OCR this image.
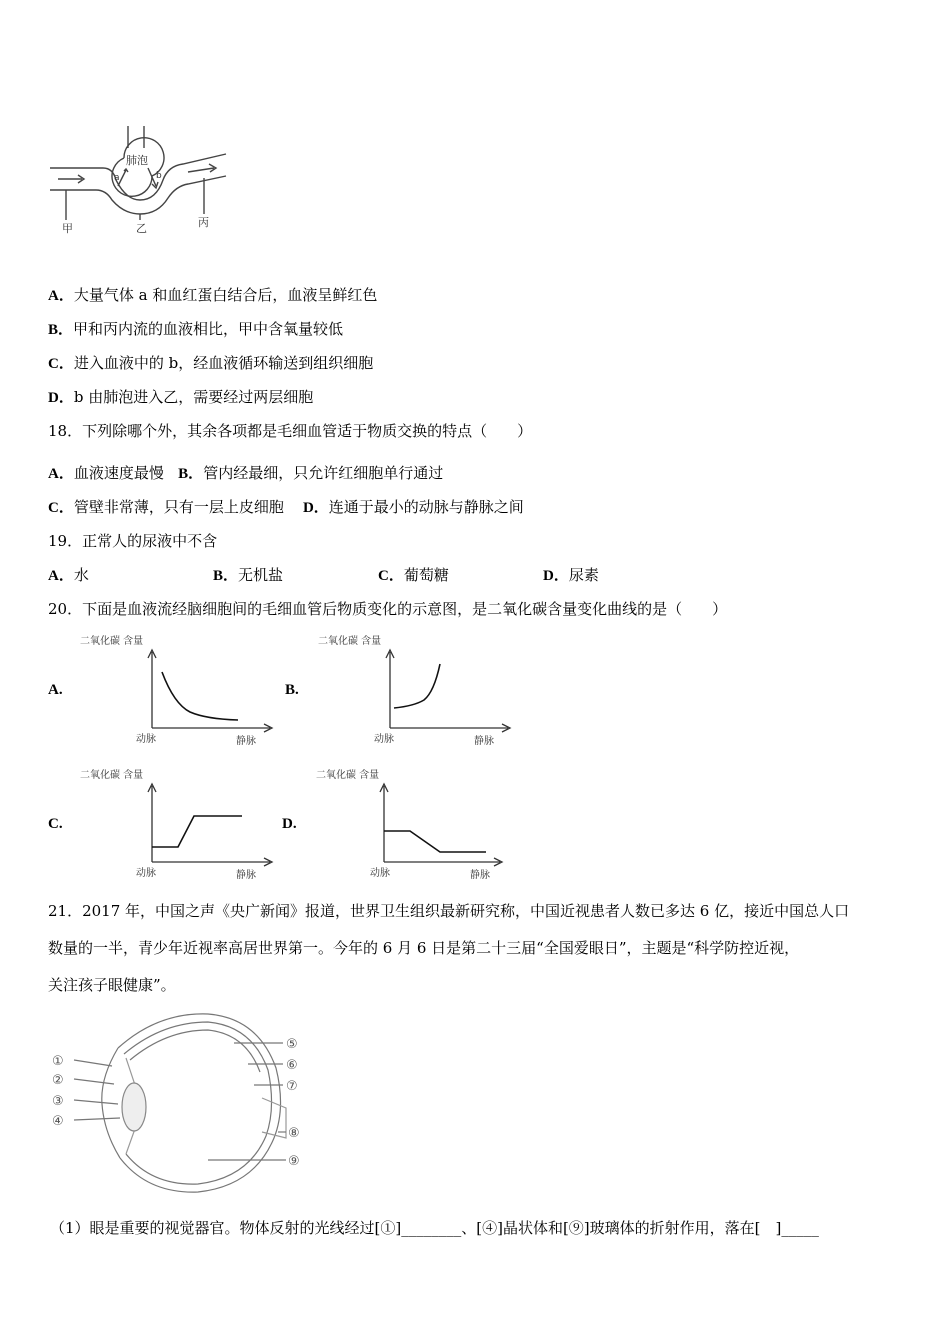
肺泡
a	b
甲	乙	丙
A．大量气体 a 和血红蛋白结合后，血液呈鲜红色
B．甲和丙内流的血液相比，甲中含氧量较低
C．进入血液中的 b，经血液循环输送到组织细胞
D．b 由肺泡进入乙，需要经过两层细胞
18．下列除哪个外，其余各项都是毛细血管适于物质交换的特点（　　）
A．血液速度最慢 B．管内经最细，只允许红细胞单行通过
C．管壁非常薄，只有一层上皮细胞 D．连通于最小的动脉与静脉之间
19．正常人的尿液中不含
A．水	B．无机盐	C．葡萄糖	D．尿素
20．下面是血液流经脑细胞间的毛细血管后物质变化的示意图，是二氧化碳含量变化曲线的是（　　）
A.	B.
C.	D.
二氧化碳 含量
动脉	静脉
二氧化碳 含量
动脉	静脉
二氧化碳 含量
动脉	静脉
二氧化碳 含量
动脉	静脉
21．2017 年，中国之声《央广新闻》报道，世界卫生组织最新研究称，中国近视患者人数已多达 6 亿，接近中国总人口
数量的一半，青少年近视率高居世界第一。今年的 6 月 6 日是第二十三届“全国爱眼日”，主题是“科学防控近视，
关注孩子眼健康”。
①
②
③
④
⑤
⑥
⑦
⑧
⑨
（1）眼是重要的视觉器官。物体反射的光线经过[①]________、[④]晶状体和[⑨]玻璃体的折射作用，落在[　]_____
